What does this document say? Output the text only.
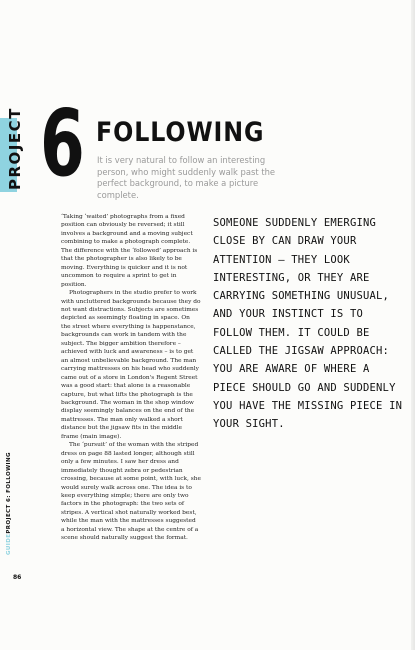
PROJECT 6 FOLLOWING
It is very natural to follow an interesting person, who might suddenly walk past the perfect background, to make a picture complete.

‘Taking ‘waited’ photographs from a fixed position can obviously be reversed; it still involves a background and a moving subject combining to make a photograph complete. The difference with the ‘followed’ approach is that the photographer is also likely to be moving. Everything is quicker and it is not uncommon to require a sprint to get in position.

Photographers in the studio prefer to work with uncluttered backgrounds because they do not want distractions. Subjects are sometimes depicted as seemingly floating in space. On the street where everything is happenstance, backgrounds can work in tandem with the subject. The bigger ambition therefore – achieved with luck and awareness – is to get an almost unbelievable background. The man carrying mattresses on his head who suddenly came out of a store in London's Regent Street was a good start: that alone is a reasonable capture, but what lifts the photograph is the background. The woman in the shop window display seemingly balances on the end of the mattresses. The man only walked a short distance but the jigsaw fits in the middle frame (main image).

The ‘pursuit’ of the woman with the striped dress on page 88 lasted longer, although still only a few minutes. I saw her dress and immediately thought zebra or pedestrian crossing, because at some point, with luck, she would surely walk across one. The idea is to keep everything simple; there are only two factors in the photograph: the two sets of stripes. A vertical shot naturally worked best, while the man with the mattresses suggested a horizontal view. The shape at the centre of a scene should naturally suggest the format.

SOMEONE SUDDENLY EMERGING CLOSE BY CAN DRAW YOUR ATTENTION – THEY LOOK INTERESTING, OR THEY ARE CARRYING SOMETHING UNUSUAL, AND YOUR INSTINCT IS TO FOLLOW THEM. IT COULD BE CALLED THE JIGSAW APPROACH: YOU ARE AWARE OF WHERE A PIECE SHOULD GO AND SUDDENLY YOU HAVE THE MISSING PIECE IN YOUR SIGHT.
GUIDEPROJECT 6: FOLLOWING
86
